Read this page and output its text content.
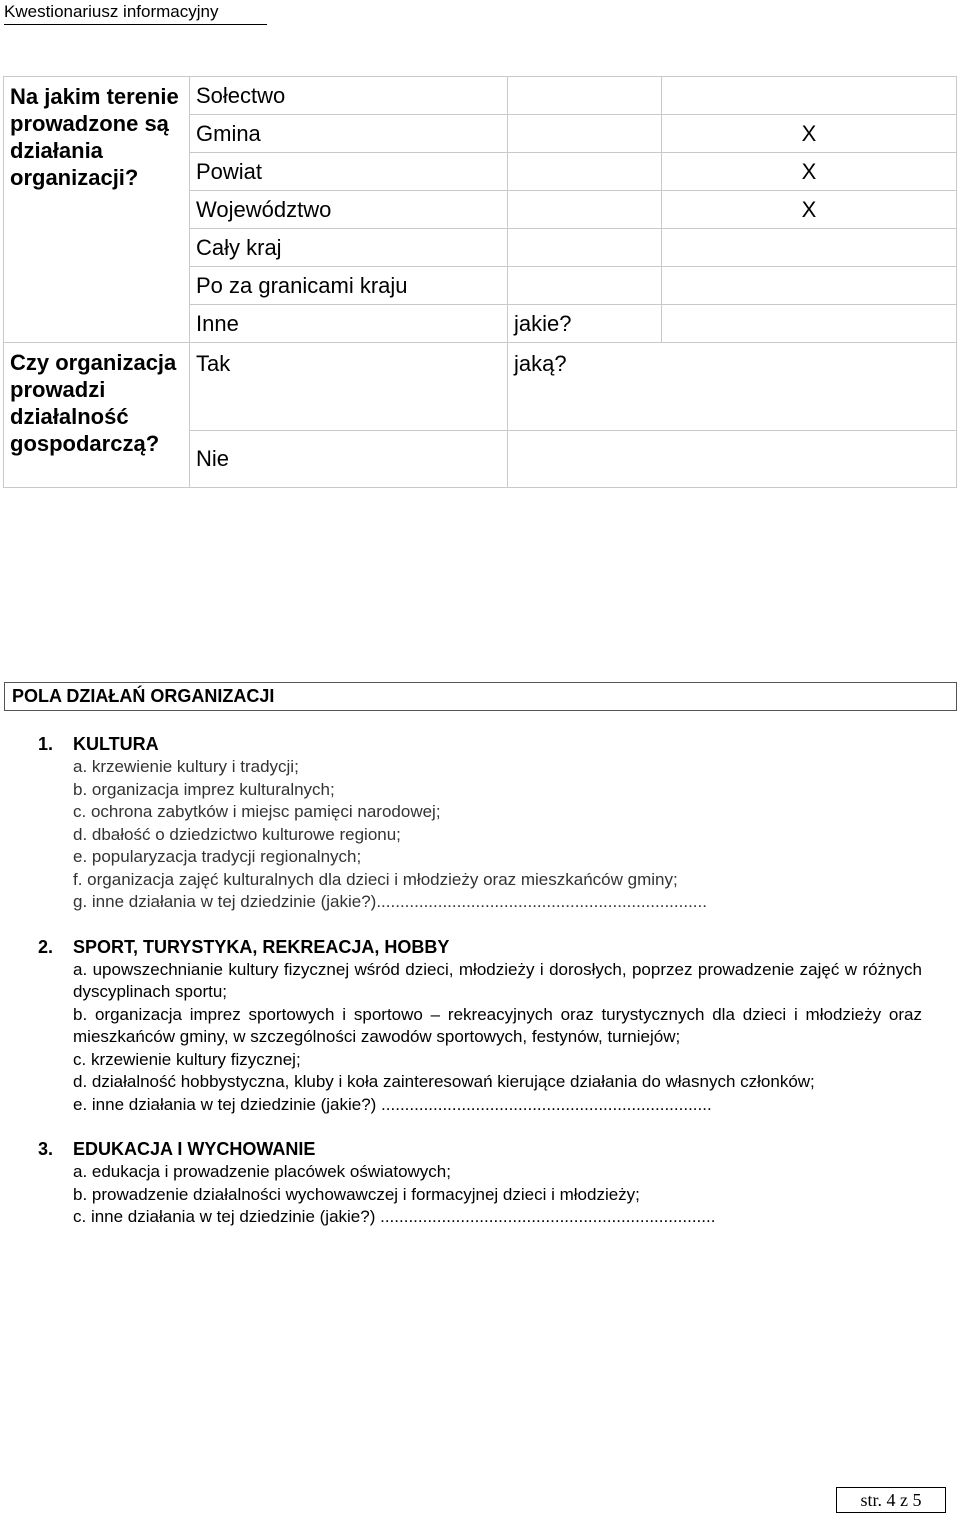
Kwestionariusz informacyjny
Na jakim terenie prowadzone są działania organizacji?	Sołectwo		
	Gmina		X
	Powiat		X
	Województwo		X
	Cały kraj		
	Po za granicami kraju		
	Inne	jakie?	
Czy organizacja prowadzi działalność gospodarczą?	Tak	jaką?	
	Nie		
POLA DZIAŁAŃ ORGANIZACJI
1.	KULTURA
a. krzewienie kultury i tradycji;
b. organizacja imprez kulturalnych;
c. ochrona zabytków i miejsc pamięci narodowej;
d. dbałość o dziedzictwo kulturowe regionu;
e. popularyzacja tradycji regionalnych;
f. organizacja zajęć kulturalnych dla dzieci i młodzieży oraz mieszkańców gminy;
g. inne działania w tej dziedzinie (jakie?)......................................................................
2.	SPORT, TURYSTYKA, REKREACJA, HOBBY
a. upowszechnianie kultury fizycznej wśród dzieci, młodzieży i dorosłych, poprzez prowadzenie zajęć w różnych dyscyplinach sportu;
b. organizacja imprez sportowych i sportowo – rekreacyjnych oraz turystycznych dla dzieci i młodzieży oraz mieszkańców gminy, w szczególności zawodów sportowych, festynów, turniejów;
c. krzewienie kultury fizycznej;
d. działalność hobbystyczna, kluby i koła zainteresowań kierujące działania do własnych członków;
e. inne działania w tej dziedzinie (jakie?) ......................................................................
3.	EDUKACJA I WYCHOWANIE
a. edukacja i prowadzenie placówek oświatowych;
b. prowadzenie działalności wychowawczej i formacyjnej dzieci i młodzieży;
c. inne działania w tej dziedzinie (jakie?) .......................................................................
str. 4 z 5
